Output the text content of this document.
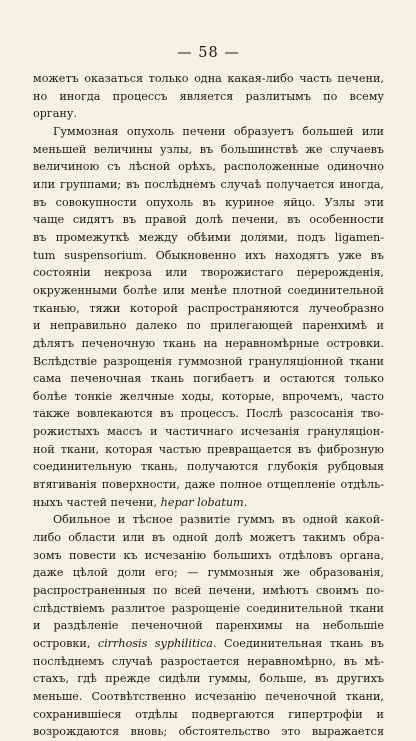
— 58 —
можетъ оказаться только одна какая-либо часть печени,
но иногда процессъ является разлитымъ по всему
органу.
Гуммозная опухоль печени образуетъ большей или
меньшей величины узлы, въ большинствѣ же случаевъ
величиною съ лѣсной орѣхъ, расположенные одиночно
или группами; въ послѣднемъ случаѣ получается иногда,
въ совокупности опухоль въ куриное яйцо. Узлы эти
чаще сидятъ въ правой долѣ печени, въ особенности
въ промежуткѣ между обѣими долями, подъ ligamen-
tum suspensorium. Обыкновенно ихъ находятъ уже въ
состояніи некроза или творожистаго перерожденія,
окруженными болѣе или менѣе плотной соединительной
тканью, тяжи которой распространяются лучеобразно
и неправильно далеко по прилегающей паренхимѣ и
дѣлятъ печеночную ткань на неравномѣрные островки.
Вслѣдствіе разрощенія гуммозной грануляціонной ткани
сама печеночная ткань погибаетъ и остаются только
болѣе тонкіе желчные ходы, которые, впрочемъ, часто
также вовлекаются въ процессъ. Послѣ разсосанія тво-
рожистыхъ массъ и частичнаго исчезанія грануляціон-
ной ткани, которая частью превращается въ фиброзную
соединительную ткань, получаются глубокія рубцовыя
втягиванія поверхности, даже полное отщепленіе отдѣль-
ныхъ частей печени, hepar lobatum.
Обильное и тѣсное развитіе гуммъ въ одной какой-
либо области или въ одной долѣ можетъ такимъ обра-
зомъ повести къ исчезанію большихъ отдѣловъ органа,
даже цѣлой доли его; — гуммозныя же образованія,
распространенныя по всей печени, имѣютъ своимъ по-
слѣдствіемъ разлитое разрощеніе соединительной ткани
и раздѣленіе печеночной паренхимы на небольшіе
островки, cirrhosis syphilitica. Соединительная ткань въ
послѣднемъ случаѣ разростается неравномѣрно, въ мѣ-
стахъ, гдѣ прежде сидѣли гуммы, больше, въ другихъ
меньше. Соотвѣтственно исчезанію печеночной ткани,
сохранившіеся отдѣлы подвергаются гипертрофіи и
возрождаются вновь; обстоятельство это выражается
